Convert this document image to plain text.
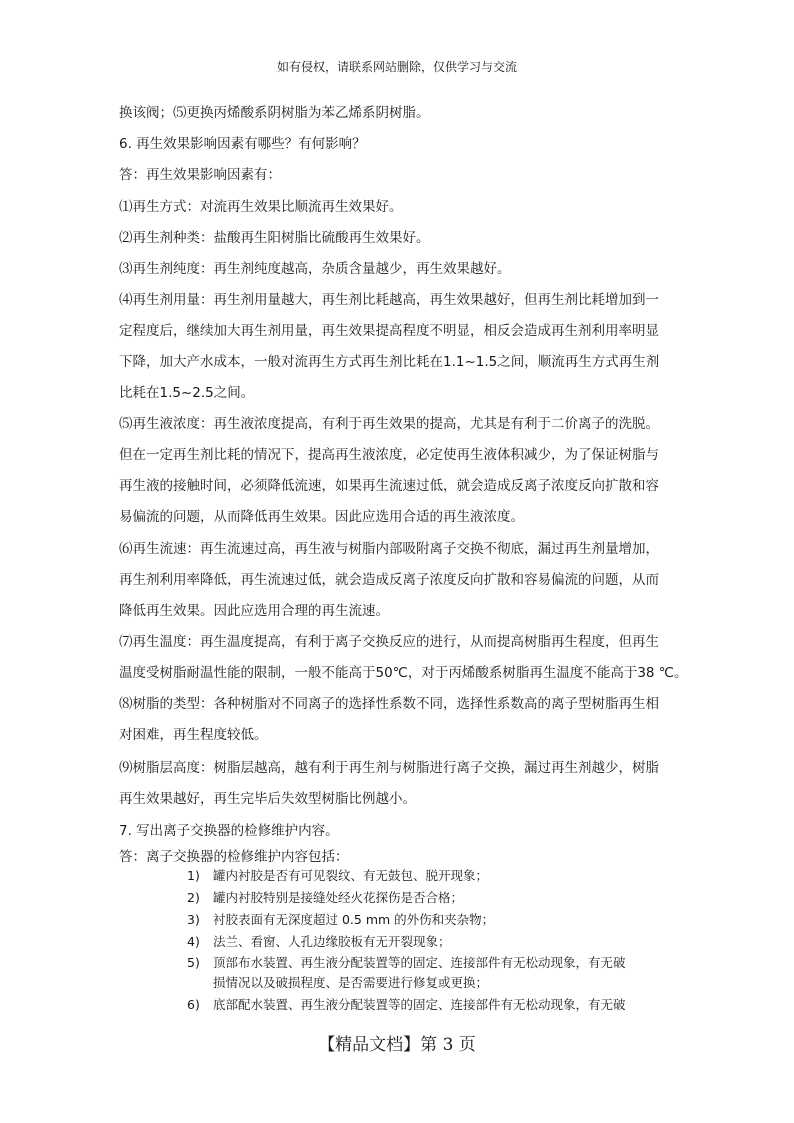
如有侵权，请联系网站删除，仅供学习与交流
换该阀；⑸更换丙烯酸系阴树脂为苯乙烯系阴树脂。
6. 再生效果影响因素有哪些？有何影响？
答：再生效果影响因素有：
⑴再生方式：对流再生效果比顺流再生效果好。
⑵再生剂种类：盐酸再生阳树脂比硫酸再生效果好。
⑶再生剂纯度：再生剂纯度越高，杂质含量越少，再生效果越好。
⑷再生剂用量：再生剂用量越大，再生剂比耗越高，再生效果越好，但再生剂比耗增加到一
定程度后，继续加大再生剂用量，再生效果提高程度不明显，相反会造成再生剂利用率明显
下降，加大产水成本，一般对流再生方式再生剂比耗在1.1~1.5之间，顺流再生方式再生剂
比耗在1.5~2.5之间。
⑸再生液浓度：再生液浓度提高，有利于再生效果的提高，尤其是有利于二价离子的洗脱。
但在一定再生剂比耗的情况下，提高再生液浓度，必定使再生液体积减少，为了保证树脂与
再生液的接触时间，必须降低流速，如果再生流速过低，就会造成反离子浓度反向扩散和容
易偏流的问题，从而降低再生效果。因此应选用合适的再生液浓度。
⑹再生流速：再生流速过高，再生液与树脂内部吸附离子交换不彻底，漏过再生剂量增加，
再生剂利用率降低，再生流速过低，就会造成反离子浓度反向扩散和容易偏流的问题，从而
降低再生效果。因此应选用合理的再生流速。
⑺再生温度：再生温度提高，有利于离子交换反应的进行，从而提高树脂再生程度，但再生
温度受树脂耐温性能的限制，一般不能高于50℃，对于丙烯酸系树脂再生温度不能高于38 ℃。
⑻树脂的类型：各种树脂对不同离子的选择性系数不同，选择性系数高的离子型树脂再生相
对困难，再生程度较低。
⑼树脂层高度：树脂层越高，越有利于再生剂与树脂进行离子交换，漏过再生剂越少，树脂
再生效果越好，再生完毕后失效型树脂比例越小。
7. 写出离子交换器的检修维护内容。
答：离子交换器的检修维护内容包括：
1) 罐内衬胶是否有可见裂纹、有无鼓包、脱开现象；
2) 罐内衬胶特别是接缝处经火花探伤是否合格；
3) 衬胶表面有无深度超过 0.5 mm 的外伤和夹杂物；
4) 法兰、看窗、人孔边缘胶板有无开裂现象；
5) 顶部布水装置、再生液分配装置等的固定、连接部件有无松动现象，有无破
损情况以及破损程度、是否需要进行修复或更换；
6) 底部配水装置、再生液分配装置等的固定、连接部件有无松动现象，有无破
【精品文档】第 3 页
